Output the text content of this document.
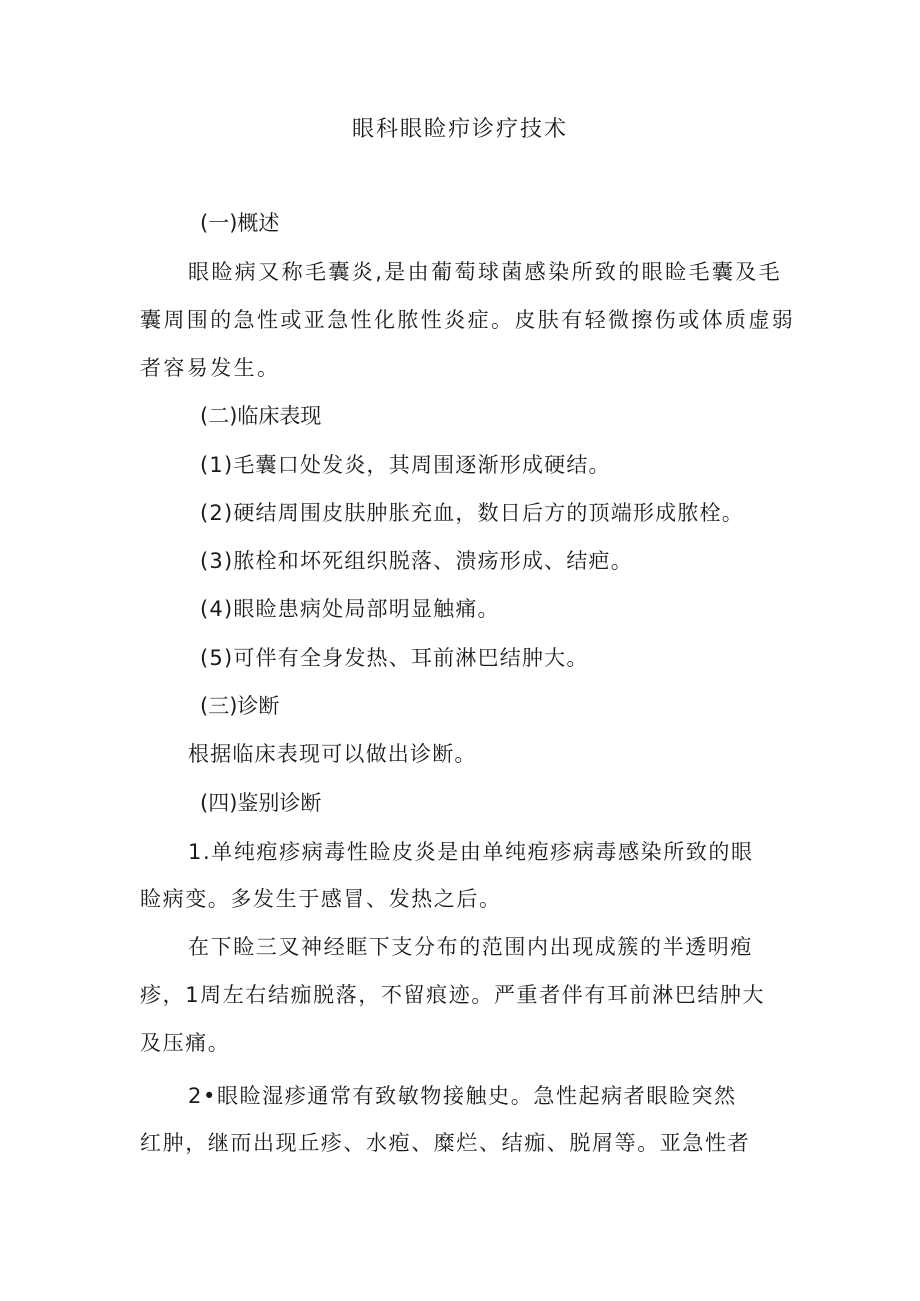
眼科眼睑疖诊疗技术

(一)概述

眼睑病又称毛囊炎,是由葡萄球菌感染所致的眼睑毛囊及毛

囊周围的急性或亚急性化脓性炎症。皮肤有轻微擦伤或体质虚弱

者容易发生。

(二)临床表现

(1)毛囊口处发炎，其周围逐渐形成硬结。

(2)硬结周围皮肤肿胀充血，数日后方的顶端形成脓栓。

(3)脓栓和坏死组织脱落、溃疡形成、结疤。

(4)眼睑患病处局部明显触痛。

(5)可伴有全身发热、耳前淋巴结肿大。

(三)诊断

根据临床表现可以做出诊断。

(四)鉴别诊断

1.单纯疱疹病毒性睑皮炎是由单纯疱疹病毒感染所致的眼

睑病变。多发生于感冒、发热之后。

在下睑三叉神经眶下支分布的范围内出现成簇的半透明疱

疹，1周左右结痂脱落，不留痕迹。严重者伴有耳前淋巴结肿大

及压痛。

2•眼睑湿疹通常有致敏物接触史。急性起病者眼睑突然

红肿，继而出现丘疹、水疱、糜烂、结痂、脱屑等。亚急性者
